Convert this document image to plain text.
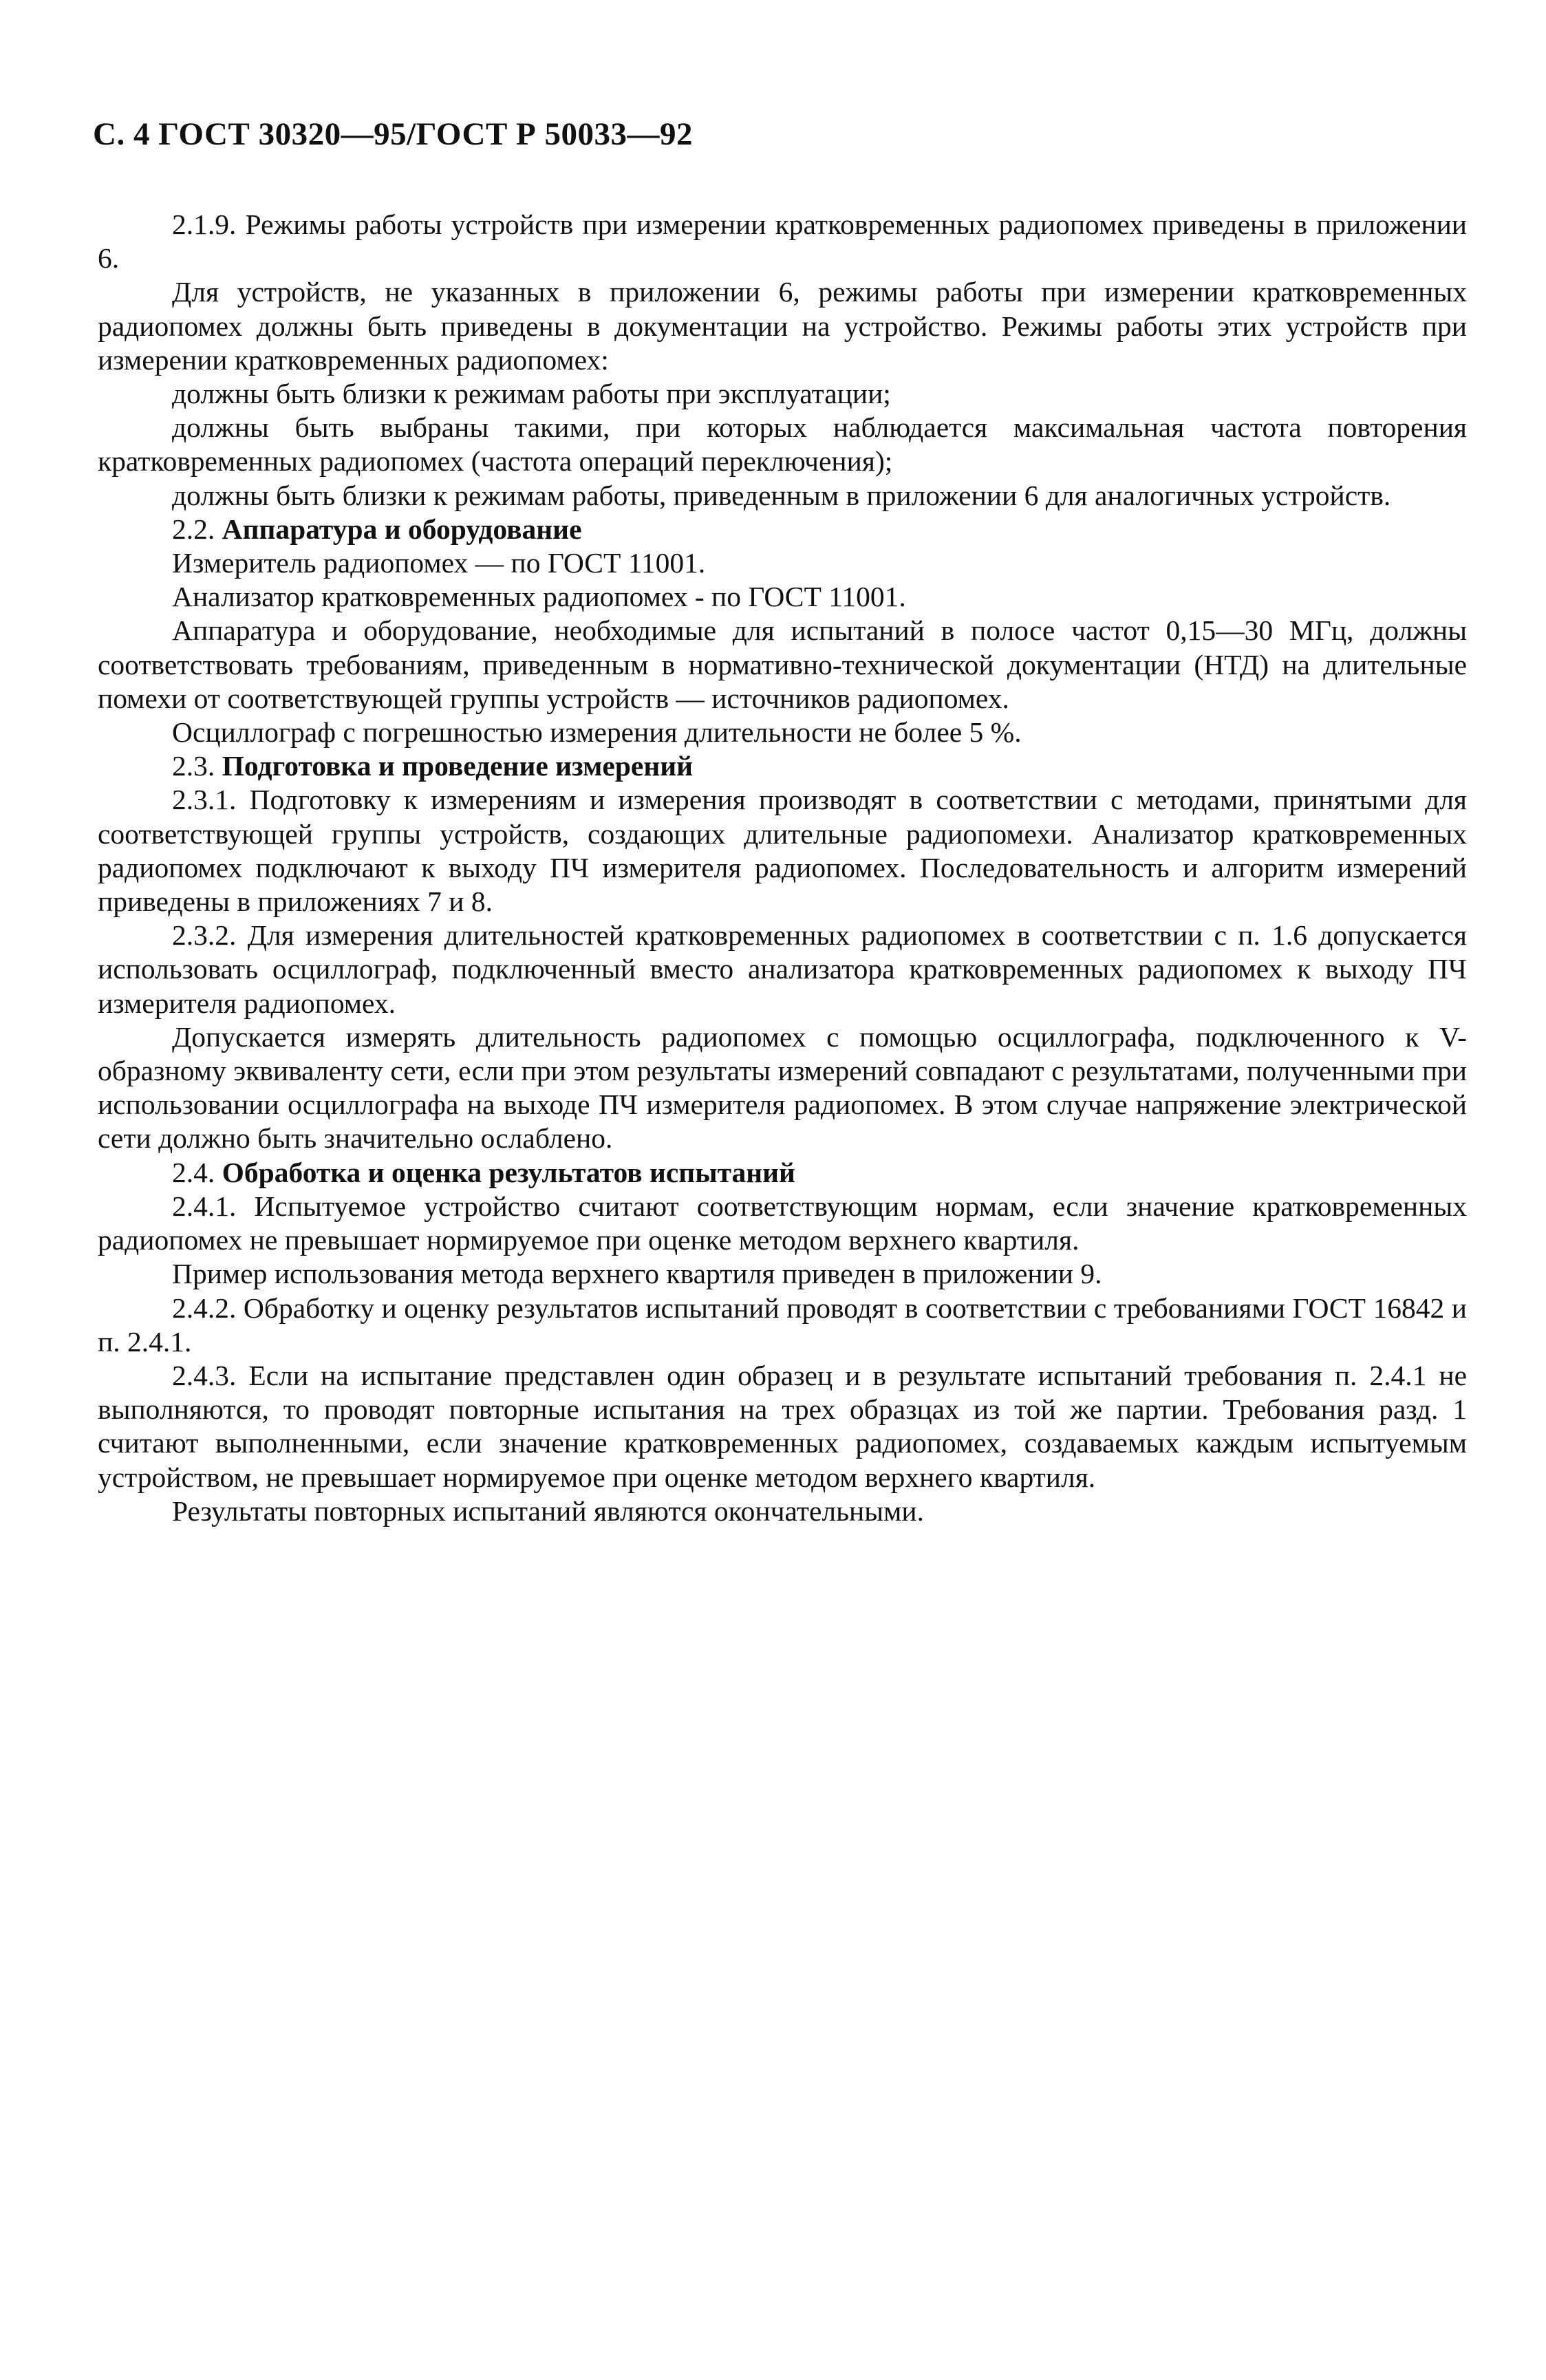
С. 4 ГОСТ 30320—95/ГОСТ Р 50033—92

2.1.9. Режимы работы устройств при измерении кратковременных радиопомех приведены в приложении 6.

Для устройств, не указанных в приложении 6, режимы работы при измерении кратковременных радиопомех должны быть приведены в документации на устройство. Режимы работы этих устройств при измерении кратковременных радиопомех:

должны быть близки к режимам работы при эксплуатации;

должны быть выбраны такими, при которых наблюдается максимальная частота повторения кратковременных радиопомех (частота операций переключения);

должны быть близки к режимам работы, приведенным в приложении 6 для аналогичных устройств.

2.2. Аппаратура и оборудование

Измеритель радиопомех — по ГОСТ 11001.

Анализатор кратковременных радиопомех - по ГОСТ 11001.

Аппаратура и оборудование, необходимые для испытаний в полосе частот 0,15—30 МГц, должны соответствовать требованиям, приведенным в нормативно-технической документации (НТД) на длительные помехи от соответствующей группы устройств — источников радиопомех.

Осциллограф с погрешностью измерения длительности не более 5 %.

2.3. Подготовка и проведение измерений

2.3.1. Подготовку к измерениям и измерения производят в соответствии с методами, принятыми для соответствующей группы устройств, создающих длительные радиопомехи. Анализатор кратковременных радиопомех подключают к выходу ПЧ измерителя радиопомех. Последовательность и алгоритм измерений приведены в приложениях 7 и 8.

2.3.2. Для измерения длительностей кратковременных радиопомех в соответствии с п. 1.6 допускается использовать осциллограф, подключенный вместо анализатора кратковременных радиопомех к выходу ПЧ измерителя радиопомех.

Допускается измерять длительность радиопомех с помощью осциллографа, подключенного к V-образному эквиваленту сети, если при этом результаты измерений совпадают с результатами, полученными при использовании осциллографа на выходе ПЧ измерителя радиопомех. В этом случае напряжение электрической сети должно быть значительно ослаблено.

2.4. Обработка и оценка результатов испытаний

2.4.1. Испытуемое устройство считают соответствующим нормам, если значение кратковременных радиопомех не превышает нормируемое при оценке методом верхнего квартиля.

Пример использования метода верхнего квартиля приведен в приложении 9.

2.4.2. Обработку и оценку результатов испытаний проводят в соответствии с требованиями ГОСТ 16842 и п. 2.4.1.

2.4.3. Если на испытание представлен один образец и в результате испытаний требования п. 2.4.1 не выполняются, то проводят повторные испытания на трех образцах из той же партии. Требования разд. 1 считают выполненными, если значение кратковременных радиопомех, создаваемых каждым испытуемым устройством, не превышает нормируемое при оценке методом верхнего квартиля.

Результаты повторных испытаний являются окончательными.
